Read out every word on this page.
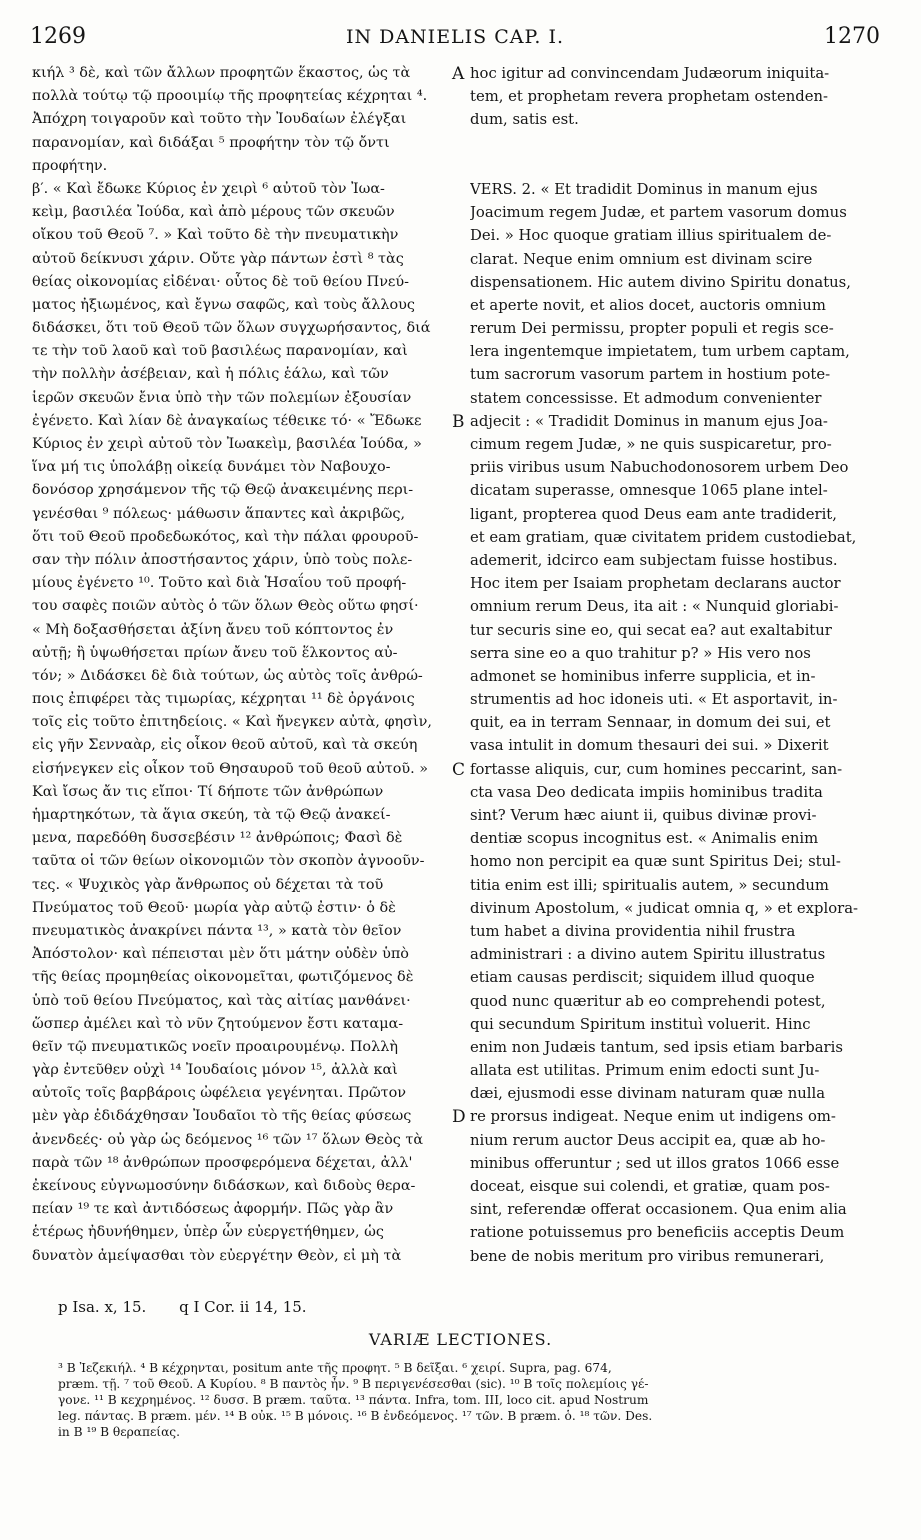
1269	IN DANIELIS CAP. I.	1270
κιήλ ³ δὲ, καὶ τῶν ἄλλων προφητῶν ἕκαστος, ὡς τὰ
πολλὰ τούτῳ τῷ προοιμίῳ τῆς προφητείας κέχρηται ⁴.
Ἀπόχρη τοιγαροῦν καὶ τοῦτο τὴν Ἰουδαίων ἐλέγξαι
παρανομίαν, καὶ διδάξαι ⁵ προφήτην τὸν τῷ ὄντι
προφήτην.
β′. « Καὶ ἔδωκε Κύριος ἐν χειρὶ ⁶ αὐτοῦ τὸν Ἰωα-
κεὶμ, βασιλέα Ἰούδα, καὶ ἀπὸ μέρους τῶν σκευῶν
οἴκου τοῦ Θεοῦ ⁷. » Καὶ τοῦτο δὲ τὴν πνευματικὴν
αὐτοῦ δείκνυσι χάριν. Οὔτε γὰρ πάντων ἐστὶ ⁸ τὰς
θείας οἰκονομίας εἰδέναι· οὗτος δὲ τοῦ θείου Πνεύ-
ματος ἠξιωμένος, καὶ ἔγνω σαφῶς, καὶ τοὺς ἄλλους
διδάσκει, ὅτι τοῦ Θεοῦ τῶν ὅλων συγχωρήσαντος, διά
τε τὴν τοῦ λαοῦ καὶ τοῦ βασιλέως παρανομίαν, καὶ
τὴν πολλὴν ἀσέβειαν, καὶ ἡ πόλις ἑάλω, καὶ τῶν
ἱερῶν σκευῶν ἔνια ὑπὸ τὴν τῶν πολεμίων ἐξουσίαν
ἐγένετο. Καὶ λίαν δὲ ἀναγκαίως τέθεικε τό· « Ἔδωκε
Κύριος ἐν χειρὶ αὐτοῦ τὸν Ἰωακεὶμ, βασιλέα Ἰούδα, »
ἵνα μή τις ὑπολάβῃ οἰκείᾳ δυνάμει τὸν Ναβουχο-
δονόσορ χρησάμενον τῆς τῷ Θεῷ ἀνακειμένης περι-
γενέσθαι ⁹ πόλεως· μάθωσιν ἅπαντες καὶ ἀκριβῶς,
ὅτι τοῦ Θεοῦ προδεδωκότος, καὶ τὴν πάλαι φρουροῦ-
σαν τὴν πόλιν ἀποστήσαντος χάριν, ὑπὸ τοὺς πολε-
μίους ἐγένετο ¹⁰. Τοῦτο καὶ διὰ Ἡσαΐου τοῦ προφή-
του σαφὲς ποιῶν αὐτὸς ὁ τῶν ὅλων Θεὸς οὕτω φησί·
« Μὴ δοξασθήσεται ἀξίνη ἄνευ τοῦ κόπτοντος ἐν
αὐτῇ; ἢ ὑψωθήσεται πρίων ἄνευ τοῦ ἕλκοντος αὐ-
τόν; » Διδάσκει δὲ διὰ τούτων, ὡς αὐτὸς τοῖς ἀνθρώ-
ποις ἐπιφέρει τὰς τιμωρίας, κέχρηται ¹¹ δὲ ὀργάνοις
τοῖς εἰς τοῦτο ἐπιτηδείοις. « Καὶ ἤνεγκεν αὐτὰ, φησὶν,
εἰς γῆν Σενναὰρ, εἰς οἶκον θεοῦ αὐτοῦ, καὶ τὰ σκεύη
εἰσήνεγκεν εἰς οἶκον τοῦ Θησαυροῦ τοῦ θεοῦ αὐτοῦ. »
Καὶ ἴσως ἄν τις εἴποι· Τί δήποτε τῶν ἀνθρώπων
ἡμαρτηκότων, τὰ ἅγια σκεύη, τὰ τῷ Θεῷ ἀνακεί-
μενα, παρεδόθη δυσσεβέσιν ¹² ἀνθρώποις; Φασὶ δὲ
ταῦτα οἱ τῶν θείων οἰκονομιῶν τὸν σκοπὸν ἀγνοοῦν-
τες. « Ψυχικὸς γὰρ ἄνθρωπος οὐ δέχεται τὰ τοῦ
Πνεύματος τοῦ Θεοῦ· μωρία γὰρ αὐτῷ ἐστιν· ὁ δὲ
πνευματικὸς ἀνακρίνει πάντα ¹³, » κατὰ τὸν θεῖον
Ἀπόστολον· καὶ πέπεισται μὲν ὅτι μάτην οὐδὲν ὑπὸ
τῆς θείας προμηθείας οἰκονομεῖται, φωτιζόμενος δὲ
ὑπὸ τοῦ θείου Πνεύματος, καὶ τὰς αἰτίας μανθάνει·
ὥσπερ ἀμέλει καὶ τὸ νῦν ζητούμενον ἔστι καταμα-
θεῖν τῷ πνευματικῶς νοεῖν προαιρουμένῳ. Πολλὴ
γὰρ ἐντεῦθεν οὐχὶ ¹⁴ Ἰουδαίοις μόνον ¹⁵, ἀλλὰ καὶ
αὐτοῖς τοῖς βαρβάροις ὠφέλεια γεγένηται. Πρῶτον
μὲν γὰρ ἐδιδάχθησαν Ἰουδαῖοι τὸ τῆς θείας φύσεως
ἀνενδεές· οὐ γὰρ ὡς δεόμενος ¹⁶ τῶν ¹⁷ ὅλων Θεὸς τὰ
παρὰ τῶν ¹⁸ ἀνθρώπων προσφερόμενα δέχεται, ἀλλ'
ἐκείνους εὐγνωμοσύνην διδάσκων, καὶ διδοὺς θερα-
πείαν ¹⁹ τε καὶ ἀντιδόσεως ἀφορμήν. Πῶς γὰρ ἂν
ἑτέρως ἠδυνήθημεν, ὑπὲρ ὧν εὐεργετήθημεν, ὡς
δυνατὸν ἀμείψασθαι τὸν εὐεργέτην Θεὸν, εἰ μὴ τὰ
hoc igitur ad convincendam Judæorum iniquita-
tem, et prophetam revera prophetam ostenden-
dum, satis est.
VERS. 2. « Et tradidit Dominus in manum ejus
Joacimum regem Judæ, et partem vasorum domus
Dei. » Hoc quoque gratiam illius spiritualem de-
clarat. Neque enim omnium est divinam scire
dispensationem. Hic autem divino Spiritu donatus,
et aperte novit, et alios docet, auctoris omnium
rerum Dei permissu, propter populi et regis sce-
lera ingentemque impietatem, tum urbem captam,
tum sacrorum vasorum partem in hostium pote-
statem concessisse. Et admodum convenienter
adjecit : « Tradidit Dominus in manum ejus Joa-
cimum regem Judæ, » ne quis suspicaretur, pro-
priis viribus usum Nabuchodonosorem urbem Deo
dicatam superasse, omnesque 1065 plane intel-
ligant, propterea quod Deus eam ante tradiderit,
et eam gratiam, quæ civitatem pridem custodiebat,
ademerit, idcirco eam subjectam fuisse hostibus.
Hoc item per Isaiam prophetam declarans auctor
omnium rerum Deus, ita ait : « Nunquid gloriabi-
tur securis sine eo, qui secat ea? aut exaltabitur
serra sine eo a quo trahitur p? » His vero nos
admonet se hominibus inferre supplicia, et in-
strumentis ad hoc idoneis uti. « Et asportavit, in-
quit, ea in terram Sennaar, in domum dei sui, et
vasa intulit in domum thesauri dei sui. » Dixerit
fortasse aliquis, cur, cum homines peccarint, san-
cta vasa Deo dedicata impiis hominibus tradita
sint? Verum hæc aiunt ii, quibus divinæ provi-
dentiæ scopus incognitus est. « Animalis enim
homo non percipit ea quæ sunt Spiritus Dei; stul-
titia enim est illi; spiritualis autem, » secundum
divinum Apostolum, « judicat omnia q, » et explora-
tum habet a divina providentia nihil frustra
administrari : a divino autem Spiritu illustratus
etiam causas perdiscit; siquidem illud quoque
quod nunc quæritur ab eo comprehendi potest,
qui secundum Spiritum instituì voluerit. Hinc
enim non Judæis tantum, sed ipsis etiam barbaris
allata est utilitas. Primum enim edocti sunt Ju-
dæi, ejusmodi esse divinam naturam quæ nulla
re prorsus indigeat. Neque enim ut indigens om-
nium rerum auctor Deus accipit ea, quæ ab ho-
minibus offeruntur ; sed ut illos gratos 1066 esse
doceat, eisque sui colendi, et gratiæ, quam pos-
sint, referendæ offerat occasionem. Qua enim alia
ratione potuissemus pro beneficiis acceptis Deum
bene de nobis meritum pro viribus remunerari,
A
B
C
D
p Isa. x, 15. q I Cor. ii 14, 15.
VARIÆ LECTIONES.
³ B Ἰεζεκιήλ. ⁴ B κέχρηνται, positum ante τῆς προφητ. ⁵ B δεῖξαι. ⁶ χειρί. Supra, pag. 674,
præm. τῇ. ⁷ τοῦ Θεοῦ. A Κυρίου. ⁸ B παντὸς ἦν. ⁹ B περιγενέσεσθαι (sic). ¹⁰ B τοῖς πολεμίοις γέ-
γονε. ¹¹ B κεχρημένος. ¹² δυσσ. B præm. ταῦτα. ¹³ πάντα. Infra, tom. III, loco cit. apud Nostrum
leg. πάντας. B præm. μέν. ¹⁴ B οὐκ. ¹⁵ B μόνοις. ¹⁶ B ἐνδεόμενος. ¹⁷ τῶν. B præm. ὁ. ¹⁸ τῶν. Des.
in B ¹⁹ B θεραπείας.
